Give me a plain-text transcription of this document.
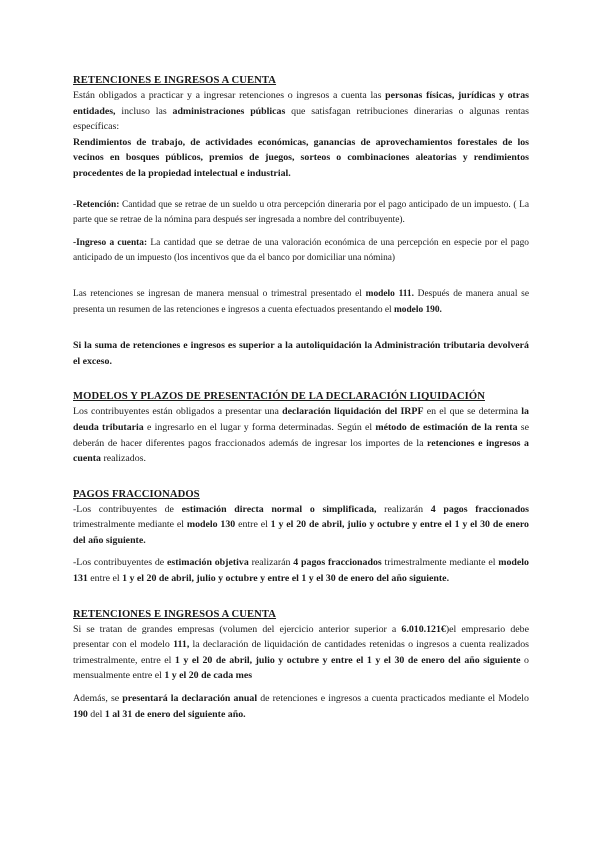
RETENCIONES E INGRESOS A CUENTA

Están obligados a practicar y a ingresar retenciones o ingresos a cuenta las personas físicas, jurídicas y otras entidades, incluso las administraciones públicas que satisfagan retribuciones dinerarias o algunas rentas específicas:

Rendimientos de trabajo, de actividades económicas, ganancias de aprovechamientos forestales de los vecinos en bosques públicos, premios de juegos, sorteos o combinaciones aleatorias y rendimientos procedentes de la propiedad intelectual e industrial.

-Retención: Cantidad que se retrae de un sueldo u otra percepción dineraria por el pago anticipado de un impuesto. ( La parte que se retrae de la nómina para después ser ingresada a nombre del contribuyente).

-Ingreso a cuenta: La cantidad que se detrae de una valoración económica de una percepción en especie por el pago anticipado de un impuesto (los incentivos que da el banco por domiciliar una nómina)

Las retenciones se ingresan de manera mensual o trimestral presentado el modelo 111. Después de manera anual se presenta un resumen de las retenciones e ingresos a cuenta efectuados presentando el modelo 190.

Si la suma de retenciones e ingresos es superior a la autoliquidación la Administración tributaria devolverá el exceso.

MODELOS Y PLAZOS DE PRESENTACIÓN DE LA DECLARACIÓN LIQUIDACIÓN

Los contribuyentes están obligados a presentar una declaración liquidación del IRPF en el que se determina la deuda tributaria e ingresarlo en el lugar y forma determinadas. Según el método de estimación de la renta se deberán de hacer diferentes pagos fraccionados además de ingresar los importes de la retenciones e ingresos a cuenta realizados.

PAGOS FRACCIONADOS

-Los contribuyentes de estimación directa normal o simplificada, realizarán 4 pagos fraccionados trimestralmente mediante el modelo 130 entre el 1 y el 20 de abril, julio y octubre y entre el 1 y el 30 de enero del año siguiente.

-Los contribuyentes de estimación objetiva realizarán 4 pagos fraccionados trimestralmente mediante el modelo 131 entre el 1 y el 20 de abril, julio y octubre y entre el 1 y el 30 de enero del año siguiente.

RETENCIONES E INGRESOS A CUENTA

Si se tratan de grandes empresas (volumen del ejercicio anterior superior a 6.010.121€)el empresario debe presentar con el modelo 111, la declaración de liquidación de cantidades retenidas o ingresos a cuenta realizados trimestralmente, entre el 1 y el 20 de abril, julio y octubre y entre el 1 y el 30 de enero del año siguiente o mensualmente entre el 1 y el 20 de cada mes

Además, se presentará la declaración anual de retenciones e ingresos a cuenta practicados mediante el Modelo 190 del 1 al 31 de enero del siguiente año.
